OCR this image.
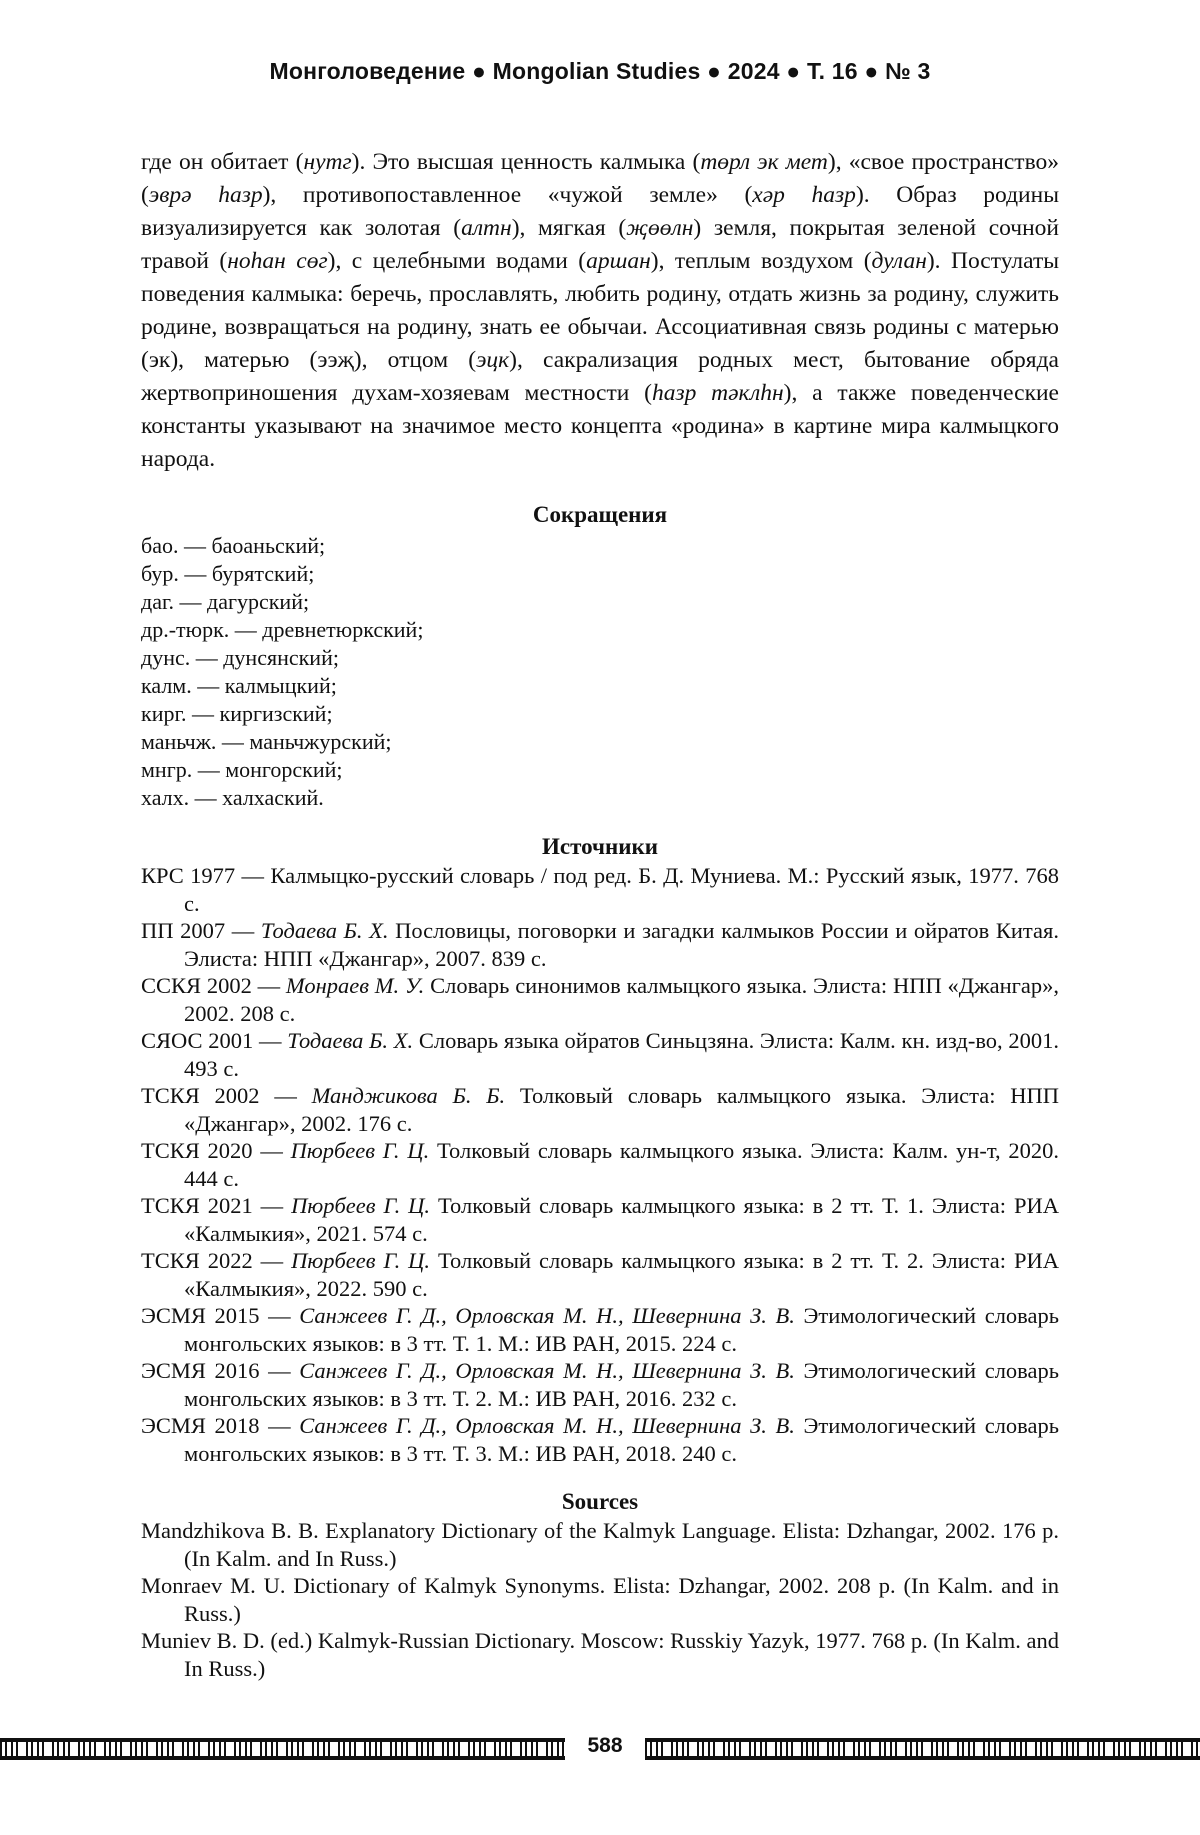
Монголоведение ● Mongolian Studies ● 2024 ● Т. 16 ● № 3

где он обитает (нутг). Это высшая ценность калмыка (төрл эк мет), «свое пространство» (эврә һазр), противопоставленное «чужой земле» (хәр һазр). Образ родины визуализируется как золотая (алтн), мягкая (җөөлн) земля, покрытая зеленой сочной травой (ноһан сөг), с целебными водами (аршан), теплым воздухом (дулан). Постулаты поведения калмыка: беречь, прославлять, любить родину, отдать жизнь за родину, служить родине, возвращаться на родину, знать ее обычаи. Ассоциативная связь родины с матерью (эк), матерью (ээҗ), отцом (эцк), сакрализация родных мест, бытование обряда жертвоприношения духам-хозяевам местности (һазр тәклһн), а также поведенческие константы указывают на значимое место концепта «родина» в картине мира калмыцкого народа.

Сокращения
бао. — баоаньский;
бур. — бурятский;
даг. — дагурский;
др.-тюрк. — древнетюркский;
дунс. — дунсянский;
калм. — калмыцкий;
кирг. — киргизский;
маньчж. — маньчжурский;
мнгр. — монгорский;
халх. — халхаский.
Источники
КРС 1977 — Калмыцко-русский словарь / под ред. Б. Д. Муниева. М.: Русский язык, 1977. 768 с.
ПП 2007 — Тодаева Б. Х. Пословицы, поговорки и загадки калмыков России и ойратов Китая. Элиста: НПП «Джангар», 2007. 839 с.
ССКЯ 2002 — Монраев М. У. Словарь синонимов калмыцкого языка. Элиста: НПП «Джангар», 2002. 208 с.
СЯОС 2001 — Тодаева Б. Х. Словарь языка ойратов Синьцзяна. Элиста: Калм. кн. изд-во, 2001. 493 с.
ТСКЯ 2002 — Манджикова Б. Б. Толковый словарь калмыцкого языка. Элиста: НПП «Джангар», 2002. 176 с.
ТСКЯ 2020 — Пюрбеев Г. Ц. Толковый словарь калмыцкого языка. Элиста: Калм. ун-т, 2020. 444 с.
ТСКЯ 2021 — Пюрбеев Г. Ц. Толковый словарь калмыцкого языка: в 2 тт. Т. 1. Элиста: РИА «Калмыкия», 2021. 574 с.
ТСКЯ 2022 — Пюрбеев Г. Ц. Толковый словарь калмыцкого языка: в 2 тт. Т. 2. Элиста: РИА «Калмыкия», 2022. 590 с.
ЭСМЯ 2015 — Санжеев Г. Д., Орловская М. Н., Шевернина З. В. Этимологический словарь монгольских языков: в 3 тт. Т. 1. М.: ИВ РАН, 2015. 224 с.
ЭСМЯ 2016 — Санжеев Г. Д., Орловская М. Н., Шевернина З. В. Этимологический словарь монгольских языков: в 3 тт. Т. 2. М.: ИВ РАН, 2016. 232 с.
ЭСМЯ 2018 — Санжеев Г. Д., Орловская М. Н., Шевернина З. В. Этимологический словарь монгольских языков: в 3 тт. Т. 3. М.: ИВ РАН, 2018. 240 с.
Sources
Mandzhikova B. B. Explanatory Dictionary of the Kalmyk Language. Elista: Dzhangar, 2002. 176 p. (In Kalm. and In Russ.)
Monraev M. U. Dictionary of Kalmyk Synonyms. Elista: Dzhangar, 2002. 208 p. (In Kalm. and in Russ.)
Muniev B. D. (ed.) Kalmyk-Russian Dictionary. Moscow: Russkiy Yazyk, 1977. 768 p. (In Kalm. and In Russ.)
588
